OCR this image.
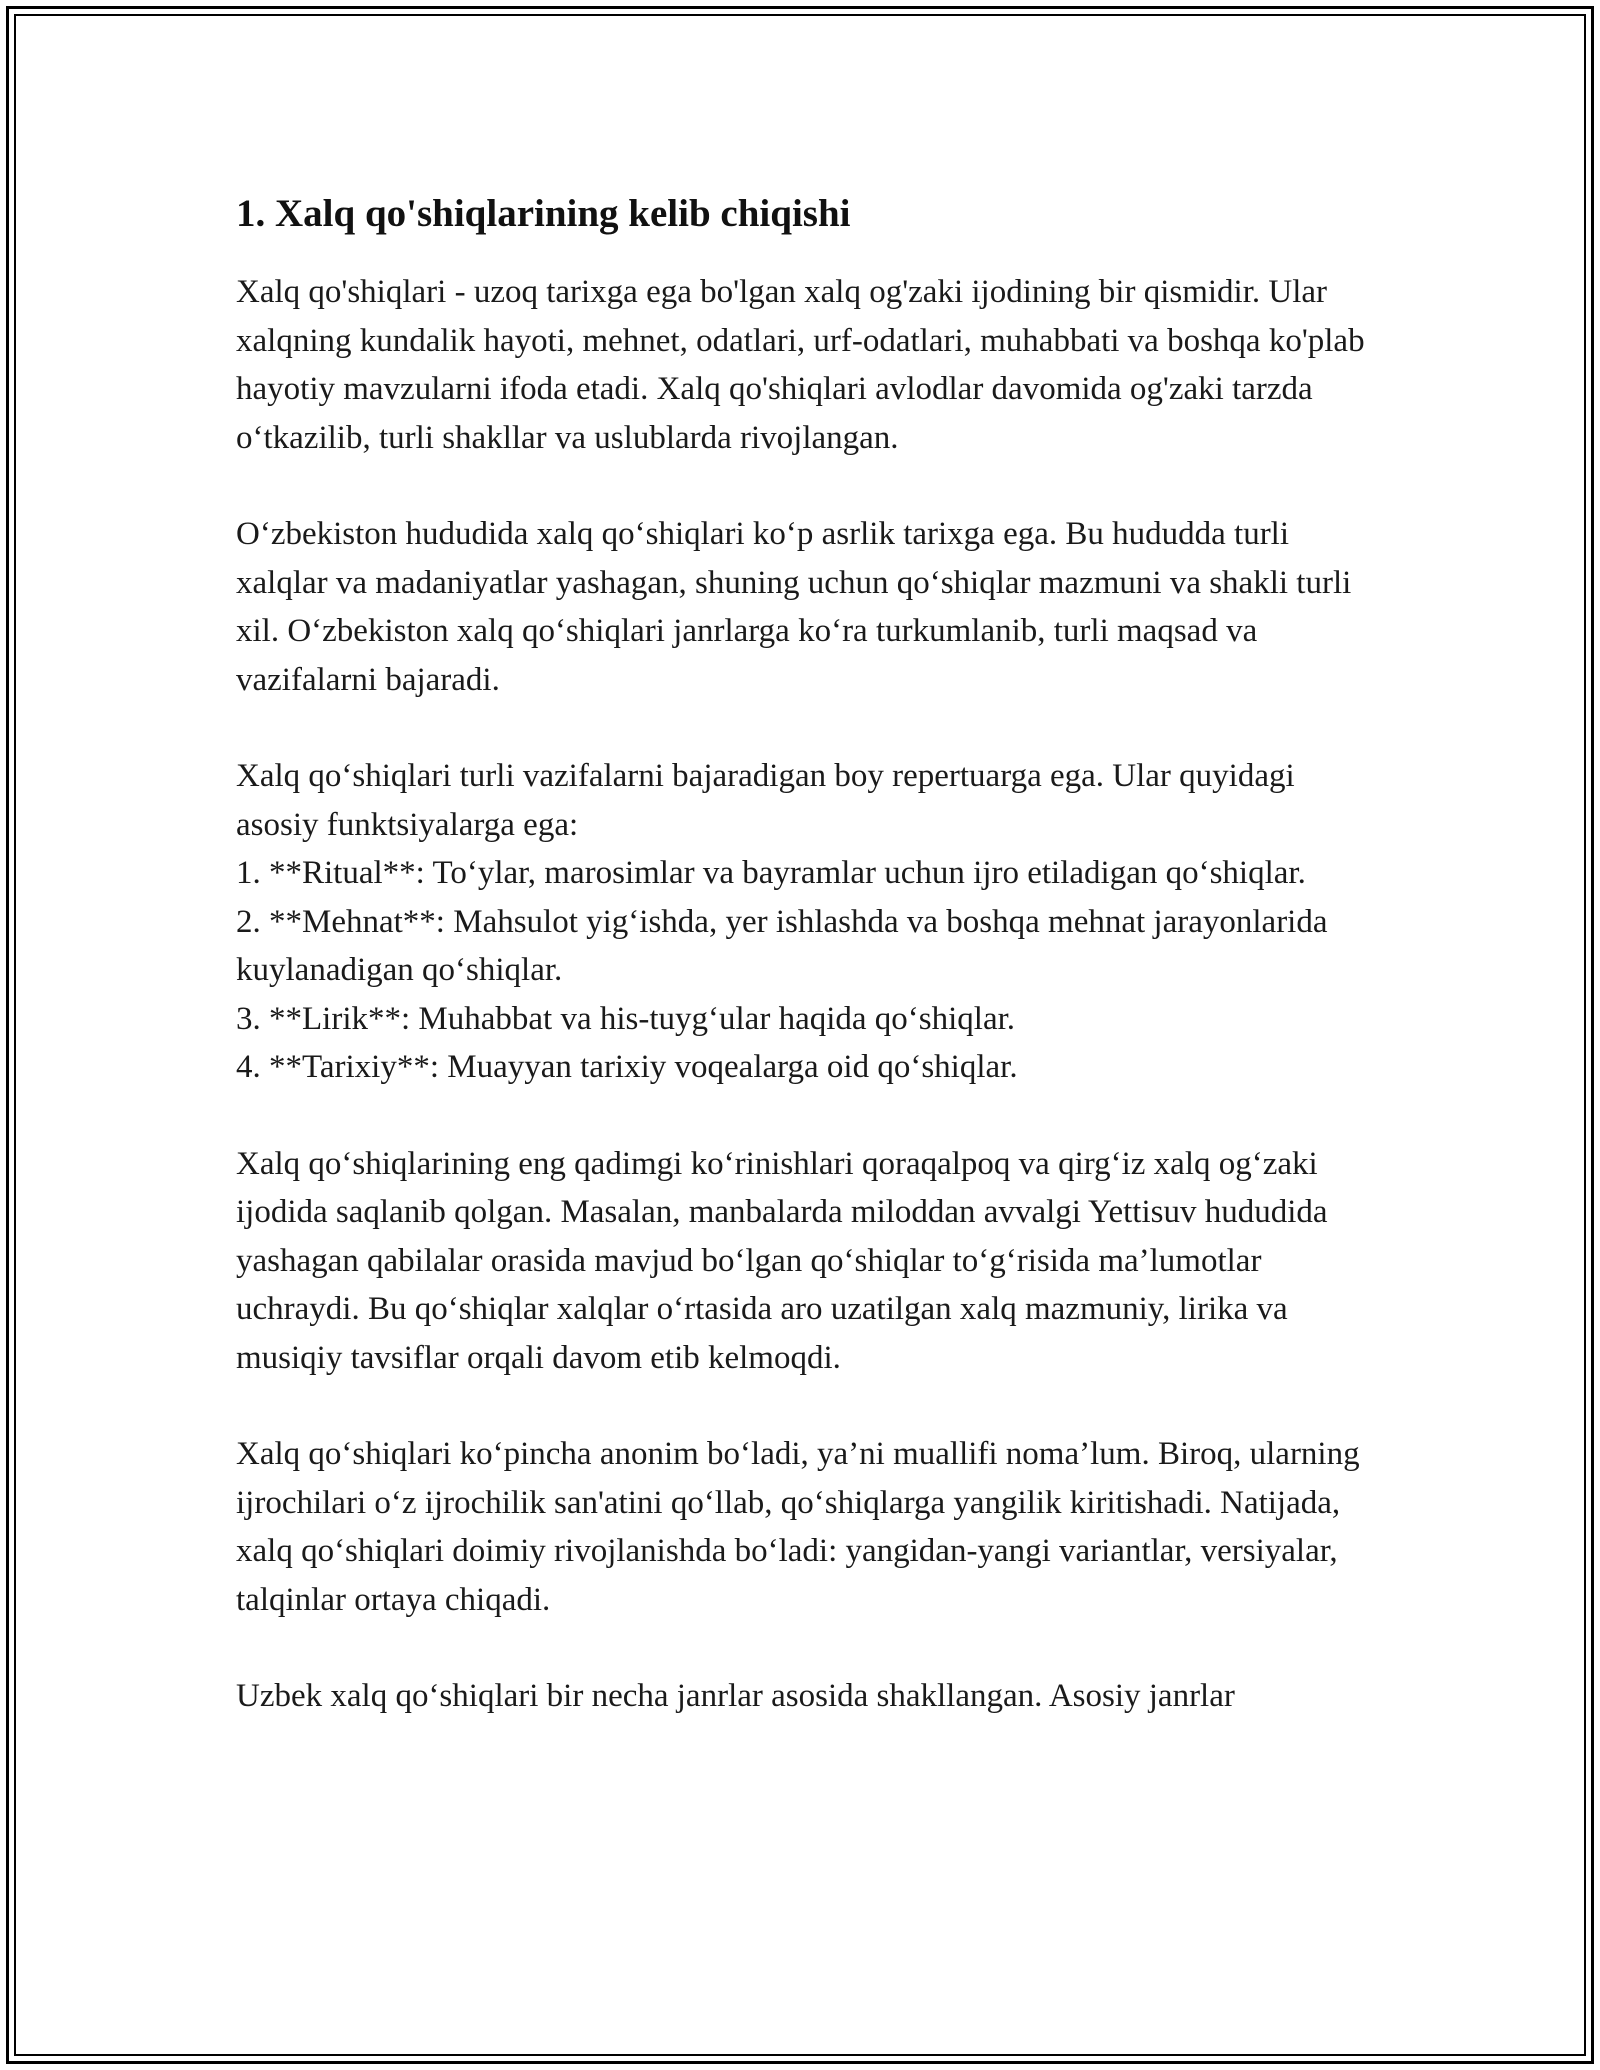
1. Xalq qo'shiqlarining kelib chiqishi

Xalq qo'shiqlari - uzoq tarixga ega bo'lgan xalq og'zaki ijodining bir qismidir. Ular xalqning kundalik hayoti, mehnet, odatlari, urf-odatlari, muhabbati va boshqa ko'plab hayotiy mavzularni ifoda etadi. Xalq qo'shiqlari avlodlar davomida og'zaki tarzda o‘tkazilib, turli shakllar va uslublarda rivojlangan.

O‘zbekiston hududida xalq qo‘shiqlari ko‘p asrlik tarixga ega. Bu hududda turli xalqlar va madaniyatlar yashagan, shuning uchun qo‘shiqlar mazmuni va shakli turli xil. O‘zbekiston xalq qo‘shiqlari janrlarga ko‘ra turkumlanib, turli maqsad va vazifalarni bajaradi.

Xalq qo‘shiqlari turli vazifalarni bajaradigan boy repertuarga ega. Ular quyidagi asosiy funktsiyalarga ega:

1. **Ritual**: To‘ylar, marosimlar va bayramlar uchun ijro etiladigan qo‘shiqlar.
2. **Mehnat**: Mahsulot yig‘ishda, yer ishlashda va boshqa mehnat jarayonlarida kuylanadigan qo‘shiqlar.
3. **Lirik**: Muhabbat va his-tuyg‘ular haqida qo‘shiqlar.
4. **Tarixiy**: Muayyan tarixiy voqealarga oid qo‘shiqlar.

Xalq qo‘shiqlarining eng qadimgi ko‘rinishlari qoraqalpoq va qirg‘iz xalq og‘zaki ijodida saqlanib qolgan. Masalan, manbalarda miloddan avvalgi Yettisuv hududida yashagan qabilalar orasida mavjud bo‘lgan qo‘shiqlar to‘g‘risida ma’lumotlar uchraydi. Bu qo‘shiqlar xalqlar o‘rtasida aro uzatilgan xalq mazmuniy, lirika va musiqiy tavsiflar orqali davom etib kelmoqdi.

Xalq qo‘shiqlari ko‘pincha anonim bo‘ladi, ya’ni muallifi noma’lum. Biroq, ularning ijrochilari o‘z ijrochilik san'atini qo‘llab, qo‘shiqlarga yangilik kiritishadi. Natijada, xalq qo‘shiqlari doimiy rivojlanishda bo‘ladi: yangidan-yangi variantlar, versiyalar, talqinlar ortaya chiqadi.

Uzbek xalq qo‘shiqlari bir necha janrlar asosida shakllangan. Asosiy janrlar
